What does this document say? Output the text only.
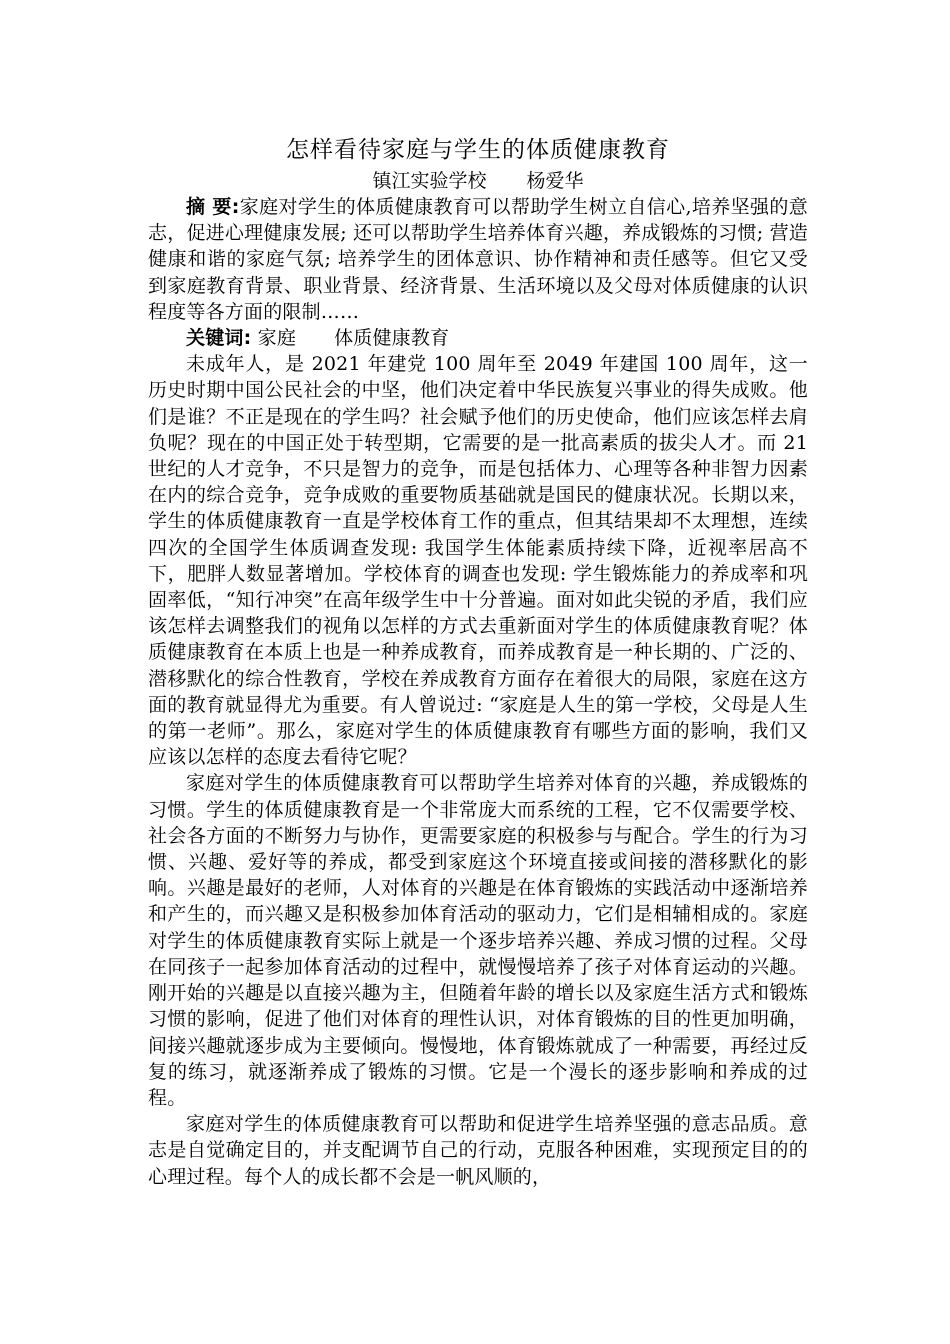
怎样看待家庭与学生的体质健康教育
镇江实验学校 杨爱华

摘 要:家庭对学生的体质健康教育可以帮助学生树立自信心,培养坚强的意志，促进心理健康发展; 还可以帮助学生培养体育兴趣，养成锻炼的习惯; 营造健康和谐的家庭气氛; 培养学生的团体意识、协作精神和责任感等。但它又受到家庭教育背景、职业背景、经济背景、生活环境以及父母对体质健康的认识程度等各方面的限制……

关键词: 家庭 体质健康教育

未成年人，是 2021 年建党 100 周年至 2049 年建国 100 周年，这一历史时期中国公民社会的中坚，他们决定着中华民族复兴事业的得失成败。他们是谁？不正是现在的学生吗？社会赋予他们的历史使命，他们应该怎样去肩负呢？现在的中国正处于转型期，它需要的是一批高素质的拔尖人才。而 21 世纪的人才竞争，不只是智力的竞争，而是包括体力、心理等各种非智力因素在内的综合竞争，竞争成败的重要物质基础就是国民的健康状况。长期以来，学生的体质健康教育一直是学校体育工作的重点，但其结果却不太理想，连续四次的全国学生体质调查发现: 我国学生体能素质持续下降，近视率居高不下，肥胖人数显著增加。学校体育的调查也发现: 学生锻炼能力的养成率和巩固率低，“知行冲突”在高年级学生中十分普遍。面对如此尖锐的矛盾，我们应该怎样去调整我们的视角以怎样的方式去重新面对学生的体质健康教育呢？体质健康教育在本质上也是一种养成教育，而养成教育是一种长期的、广泛的、潜移默化的综合性教育，学校在养成教育方面存在着很大的局限，家庭在这方面的教育就显得尤为重要。有人曾说过: “家庭是人生的第一学校，父母是人生的第一老师”。那么，家庭对学生的体质健康教育有哪些方面的影响，我们又应该以怎样的态度去看待它呢？

家庭对学生的体质健康教育可以帮助学生培养对体育的兴趣，养成锻炼的习惯。学生的体质健康教育是一个非常庞大而系统的工程，它不仅需要学校、社会各方面的不断努力与协作，更需要家庭的积极参与与配合。学生的行为习惯、兴趣、爱好等的养成，都受到家庭这个环境直接或间接的潜移默化的影响。兴趣是最好的老师，人对体育的兴趣是在体育锻炼的实践活动中逐渐培养和产生的，而兴趣又是积极参加体育活动的驱动力，它们是相辅相成的。家庭对学生的体质健康教育实际上就是一个逐步培养兴趣、养成习惯的过程。父母在同孩子一起参加体育活动的过程中，就慢慢培养了孩子对体育运动的兴趣。刚开始的兴趣是以直接兴趣为主，但随着年龄的增长以及家庭生活方式和锻炼习惯的影响，促进了他们对体育的理性认识，对体育锻炼的目的性更加明确，间接兴趣就逐步成为主要倾向。慢慢地，体育锻炼就成了一种需要，再经过反复的练习，就逐渐养成了锻炼的习惯。它是一个漫长的逐步影响和养成的过程。

家庭对学生的体质健康教育可以帮助和促进学生培养坚强的意志品质。意志是自觉确定目的，并支配调节自己的行动，克服各种困难，实现预定目的的心理过程。每个人的成长都不会是一帆风顺的，
